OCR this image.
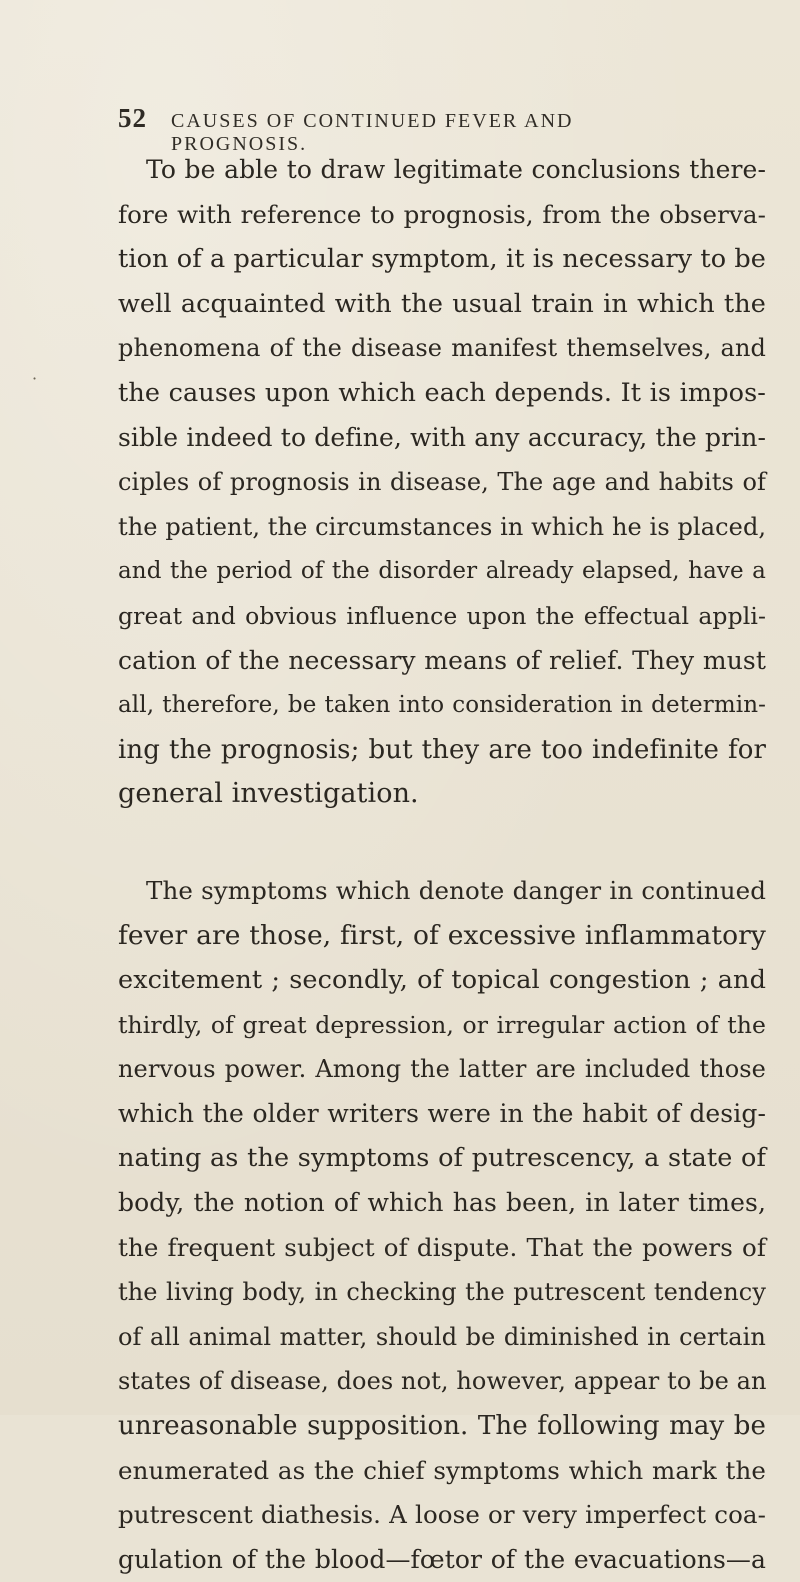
52 CAUSES OF CONTINUED FEVER AND PROGNOSIS.
·
To be able to draw legitimate conclusions there-
fore with reference to prognosis, from the observa-
tion of a particular symptom, it is necessary to be
well acquainted with the usual train in which the
phenomena of the disease manifest themselves, and
the causes upon which each depends. It is impos-
sible indeed to define, with any accuracy, the prin-
ciples of prognosis in disease, The age and habits of
the patient, the circumstances in which he is placed,
and the period of the disorder already elapsed, have a
great and obvious influence upon the effectual appli-
cation of the necessary means of relief. They must
all, therefore, be taken into consideration in determin-
ing the prognosis; but they are too indefinite for
general investigation.
The symptoms which denote danger in continued
fever are those, first, of excessive inflammatory
excitement ; secondly, of topical congestion ; and
thirdly, of great depression, or irregular action of the
nervous power. Among the latter are included those
which the older writers were in the habit of desig-
nating as the symptoms of putrescency, a state of
body, the notion of which has been, in later times,
the frequent subject of dispute. That the powers of
the living body, in checking the putrescent tendency
of all animal matter, should be diminished in certain
states of disease, does not, however, appear to be an
unreasonable supposition. The following may be
enumerated as the chief symptoms which mark the
putrescent diathesis. A loose or very imperfect coa-
gulation of the blood—fœtor of the evacuations—a
